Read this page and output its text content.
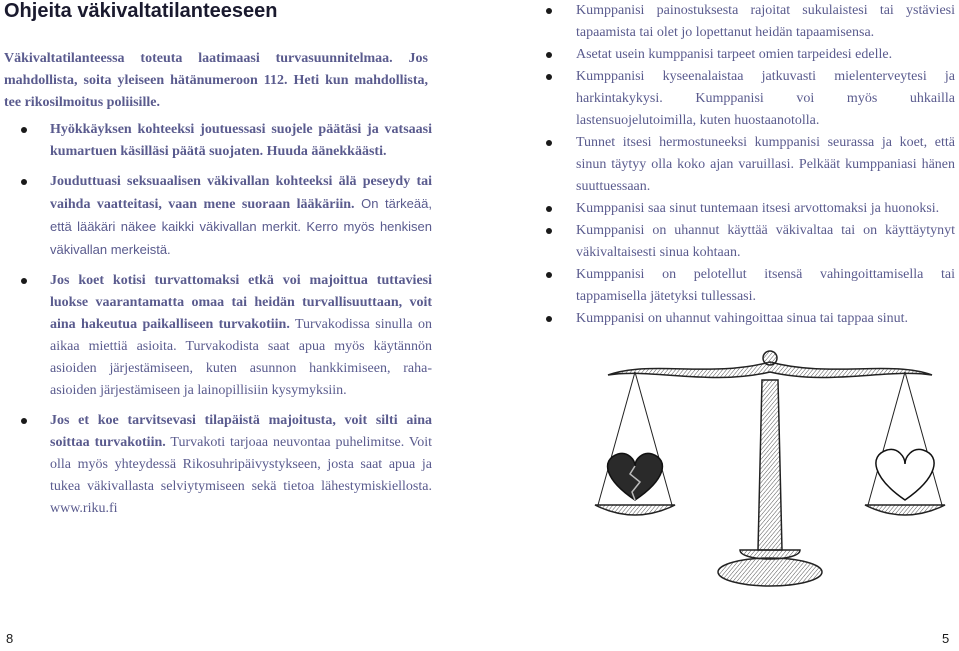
Ohjeita väkivaltatilanteeseen
Väkivaltatilanteessa toteuta laatimaasi turvasuunnitelmaa. Jos mahdollista, soita yleiseen hätänumeroon 112. Heti kun mahdollista, tee rikosilmoitus poliisille.
Hyökkäyksen kohteeksi joutuessasi suojele päätäsi ja vatsaasi kumartuen käsilläsi päätä suojaten. Huuda äänekkäästi.
Jouduttuasi seksuaalisen väkivallan kohteeksi älä peseydy tai vaihda vaatteitasi, vaan mene suoraan lääkäriin. On tärkeää, että lääkäri näkee kaikki väkivallan merkit. Kerro myös henkisen väkivallan merkeistä.
Jos koet kotisi turvattomaksi etkä voi majoittua tuttaviesi luokse vaarantamatta omaa tai heidän turvallisuuttaan, voit aina hakeutua paikalliseen turvakotiin. Turvakodissa sinulla on aikaa miettiä asioita. Turvakodista saat apua myös käytännön asioiden järjestämiseen, kuten asunnon hankkimiseen, raha-asioiden järjestämiseen ja lainopillisiin kysymyksiin.
Jos et koe tarvitsevasi tilapäistä majoitusta, voit silti aina soittaa turvakotiin. Turvakoti tarjoaa neuvontaa puhelimitse. Voit olla myös yhteydessä Rikosuhripäivystykseen, josta saat apua ja tukea väkivallasta selviytymiseen sekä tietoa lähestymiskiellosta. www.riku.fi
Kumppanisi painostuksesta rajoitat sukulaistesi tai ystäviesi tapaamista tai olet jo lopettanut heidän tapaamisensa.
Asetat usein kumppanisi tarpeet omien tarpeidesi edelle.
Kumppanisi kyseenalaistaa jatkuvasti mielenterveytesi ja harkintakykysi. Kumppanisi voi myös uhkailla lastensuojelutoimilla, kuten huostaanotolla.
Tunnet itsesi hermostuneeksi kumppanisi seurassa ja koet, että sinun täytyy olla koko ajan varuillasi. Pelkäät kumppaniasi hänen suuttuessaan.
Kumppanisi saa sinut tuntemaan itsesi arvottomaksi ja huonoksi.
Kumppanisi on uhannut käyttää väkivaltaa tai on käyttäytynyt väkivaltaisesti sinua kohtaan.
Kumppanisi on pelotellut itsensä vahingoittamisella tai tappamisella jätetyksi tullessasi.
Kumppanisi on uhannut vahingoittaa sinua tai tappaa sinut.
8	5
